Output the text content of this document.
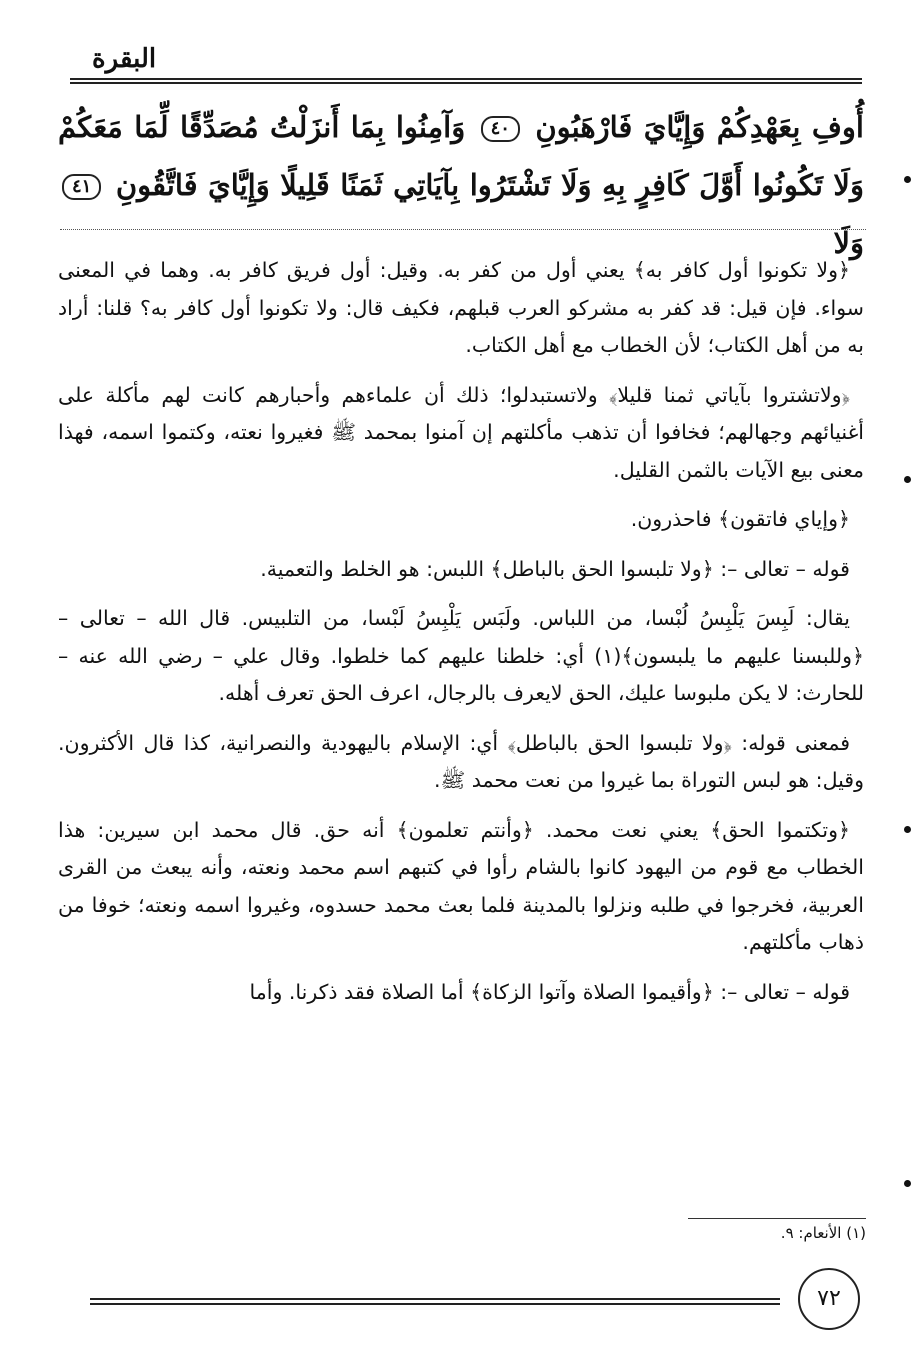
البقرة
أُوفِ بِعَهْدِكُمْ وَإِيَّايَ فَارْهَبُونِ ٤٠ وَآمِنُوا بِمَا أَنزَلْتُ مُصَدِّقًا لِّمَا مَعَكُمْ وَلَا تَكُونُوا أَوَّلَ كَافِرٍ بِهِ وَلَا تَشْتَرُوا بِآيَاتِي ثَمَنًا قَلِيلًا وَإِيَّايَ فَاتَّقُونِ ٤١ وَلَا

﴿ولا تكونوا أول كافر به﴾ يعني أول من كفر به. وقيل: أول فريق كافر به. وهما في المعنى سواء. فإن قيل: قد كفر به مشركو العرب قبلهم، فكيف قال: ولا تكونوا أول كافر به؟ قلنا: أراد به من أهل الكتاب؛ لأن الخطاب مع أهل الكتاب.

﴿ولاتشتروا بآياتي ثمنا قليلا﴾ ولاتستبدلوا؛ ذلك أن علماءهم وأحبارهم كانت لهم مأكلة على أغنيائهم وجهالهم؛ فخافوا أن تذهب مأكلتهم إن آمنوا بمحمد ﷺ فغيروا نعته، وكتموا اسمه، فهذا معنى بيع الآيات بالثمن القليل.

﴿وإياي فاتقون﴾ فاحذرون.

قوله – تعالى –: ﴿ولا تلبسوا الحق بالباطل﴾ اللبس: هو الخلط والتعمية.

يقال: لَبِسَ يَلْبِسُ لُبْسا، من اللباس. ولَبَس يَلْبِسُ لَبْسا، من التلبيس. قال الله – تعالى – ﴿وللبسنا عليهم ما يلبسون﴾(١) أي: خلطنا عليهم كما خلطوا. وقال علي – رضي الله عنه – للحارث: لا يكن ملبوسا عليك، الحق لايعرف بالرجال، اعرف الحق تعرف أهله.

فمعنى قوله: ﴿ولا تلبسوا الحق بالباطل﴾ أي: الإسلام باليهودية والنصرانية، كذا قال الأكثرون. وقيل: هو لبس التوراة بما غيروا من نعت محمد ﷺ.

﴿وتكتموا الحق﴾ يعني نعت محمد. ﴿وأنتم تعلمون﴾ أنه حق. قال محمد ابن سيرين: هذا الخطاب مع قوم من اليهود كانوا بالشام رأوا في كتبهم اسم محمد ونعته، وأنه يبعث من القرى العربية، فخرجوا في طلبه ونزلوا بالمدينة فلما بعث محمد حسدوه، وغيروا اسمه ونعته؛ خوفا من ذهاب مأكلتهم.

قوله – تعالى –: ﴿وأقيموا الصلاة وآتوا الزكاة﴾ أما الصلاة فقد ذكرنا. وأما

(١) الأنعام: ٩.
٧٢
